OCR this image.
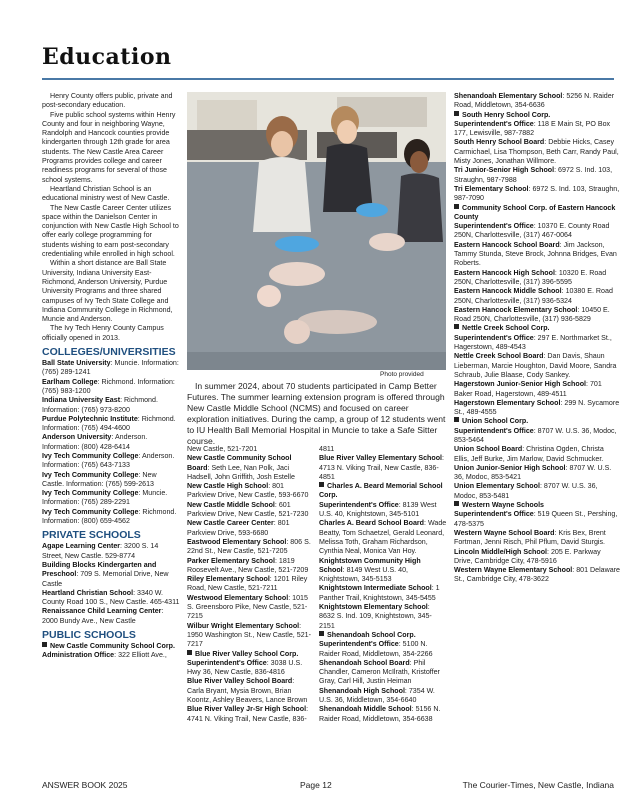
Education

Henry County offers public, private and post-secondary education.

Five public school systems within Henry County and four in neighboring Wayne, Randolph and Hancock counties provide kindergarten through 12th grade for area students. The New Castle Area Career Programs provides college and career readiness programs for several of those school systems.

Heartland Christian School is an educational ministry west of New Castle.

The New Castle Career Center utilizes space within the Danielson Center in conjunction with New Castle High School to offer early college programming for students wishing to earn post-secondary credentialing while enrolled in high school.

Within a short distance are Ball State University, Indiana University East-Richmond, Anderson University, Purdue University Programs and three shared campuses of Ivy Tech State College and Indiana Community College in Richmond, Muncie and Anderson.

The Ivy Tech Henry County Campus officially opened in 2013.

COLLEGES/UNIVERSITIES
Ball State University: Muncie. Information: (765) 289-1241
Earlham College: Richmond. Information: (765) 983-1200
Indiana University East: Richmond. Information: (765) 973-8200
Purdue Polytechnic Institute: Richmond. Information: (765) 494-4600
Anderson University: Anderson. Information: (800) 428-6414
Ivy Tech Community College: Anderson. Information: (765) 643-7133
Ivy Tech Community College: New Castle. Information: (765) 599-2613
Ivy Tech Community College: Muncie. Information: (765) 289-2291
Ivy Tech Community College: Richmond. Information: (800) 659-4562
PRIVATE SCHOOLS
Agape Learning Center: 3200 S. 14 Street, New Castle. 529-8774
Building Blocks Kindergarten and Preschool: 709 S. Memorial Drive, New Castle
Heartland Christian School: 3340 W. County Road 100 S., New Castle. 465-4311
Renaissance Child Learning Center: 2000 Bundy Ave., New Castle
PUBLIC SCHOOLS
New Castle Community School Corp.
Administration Office: 322 Elliott Ave.,
Photo provided

In summer 2024, about 70 students participated in Camp Better Futures. The summer learning extension program is offered through New Castle Middle School (NCMS) and focused on career exploration initiatives. During the camp, a group of 12 students went to IU Health Ball Memorial Hospital in Muncie to take a Safe Sitter course.

New Castle, 521-7201
New Castle Community School Board: Seth Lee, Nan Polk, Jaci Hadsell, John Griffith, Josh Estelle
New Castle High School: 801 Parkview Drive, New Castle, 593-6670
New Castle Middle School: 601 Parkview Drive, New Castle, 521-7230
New Castle Career Center: 801 Parkview Drive, 593-6680
Eastwood Elementary School: 806 S. 22nd St., New Castle, 521-7205
Parker Elementary School: 1819 Roosevelt Ave., New Castle, 521-7209
Riley Elementary School: 1201 Riley Road, New Castle, 521-7211
Westwood Elementary School: 1015 S. Greensboro Pike, New Castle, 521-7215
Wilbur Wright Elementary School: 1950 Washington St., New Castle, 521-7217
Blue River Valley School Corp.
Superintendent's Office: 3038 U.S. Hwy 36, New Castle, 836-4816
Blue River Valley School Board: Carla Bryant, Mysia Brown, Brian Koontz, Ashley Beavers, Lance Brown
Blue River Valley Jr-Sr High School: 4741 N. Viking Trail, New Castle, 836-
4811
Blue River Valley Elementary School: 4713 N. Viking Trail, New Castle, 836-4851
Charles A. Beard Memorial School Corp.
Superintendent's Office: 8139 West U.S. 40, Knightstown, 345-5101
Charles A. Beard School Board: Wade Beatty, Tom Schaetzel, Gerald Leonard, Melissa Toth, Graham Richardson, Cynthia Neal, Monica Van Hoy.
Knightstown Community High School: 8149 West U.S. 40, Knightstown, 345-5153
Knightstown Intermediate School: 1 Panther Trail, Knightstown, 345-5455
Knightstown Elementary School: 8632 S. Ind. 109, Knightstown, 345-2151
Shenandoah School Corp.
Superintendent's Office: 5100 N. Raider Road, Middletown, 354-2266
Shenandoah School Board: Phil Chandler, Cameron McIlrath, Kristoffer Gray, Carl Hill, Justin Heiman
Shenandoah High School: 7354 W. U.S. 36, Middletown, 354-6640
Shenandoah Middle School: 5156 N. Raider Road, Middletown, 354-6638
Shenandoah Elementary School: 5256 N. Raider Road, Middletown, 354-6636
South Henry School Corp.
Superintendent's Office: 118 E Main St, PO Box 177, Lewisville, 987-7882
South Henry School Board: Debbie Hicks, Casey Carmichael, Lisa Thompson, Beth Carr, Randy Paul, Misty Jones, Jonathan Willmore.
Tri Junior-Senior High School: 6972 S. Ind. 103, Straughn, 987-7988
Tri Elementary School: 6972 S. Ind. 103, Straughn, 987-7090
Community School Corp. of Eastern Hancock County
Superintendent's Office: 10370 E. County Road 250N, Charlottesville, (317) 467-0064
Eastern Hancock School Board: Jim Jackson, Tammy Stunda, Steve Brock, Johnna Bridges, Evan Roberts.
Eastern Hancock High School: 10320 E. Road 250N, Charlottesville, (317) 396-5595
Eastern Hancock Middle School: 10380 E. Road 250N, Charlottesville, (317) 936-5324
Eastern Hancock Elementary School: 10450 E. Road 250N, Charlottesville, (317) 936-5829
Nettle Creek School Corp.
Superintendent's Office: 297 E. Northmarket St., Hagerstown, 489-4543
Nettle Creek School Board: Dan Davis, Shaun Lieberman, Marcie Houghton, David Moore, Sandra Schraub, Julie Blaase, Cody Sankey.
Hagerstown Junior-Senior High School: 701 Baker Road, Hagerstown, 489-4511
Hagerstown Elementary School: 299 N. Sycamore St., 489-4555
Union School Corp.
Superintendent's Office: 8707 W. U.S. 36, Modoc, 853-5464
Union School Board: Christina Ogden, Christa Ellis, Jeff Burke, Jim Marlow, David Schmucker.
Union Junior-Senior High School: 8707 W. U.S. 36, Modoc, 853-5421
Union Elementary School: 8707 W. U.S. 36, Modoc, 853-5481
Western Wayne Schools
Superintendent's Office: 519 Queen St., Pershing, 478-5375
Western Wayne School Board: Kris Bex, Brent Fortman, Jenni Risch, Phil Pflum, David Sturgis.
Lincoln Middle/High School: 205 E. Parkway Drive, Cambridge City, 478-5916
Western Wayne Elementary School: 801 Delaware St., Cambridge City, 478-3622
ANSWER BOOK 2025	Page 12	The Courier-Times, New Castle, Indiana
